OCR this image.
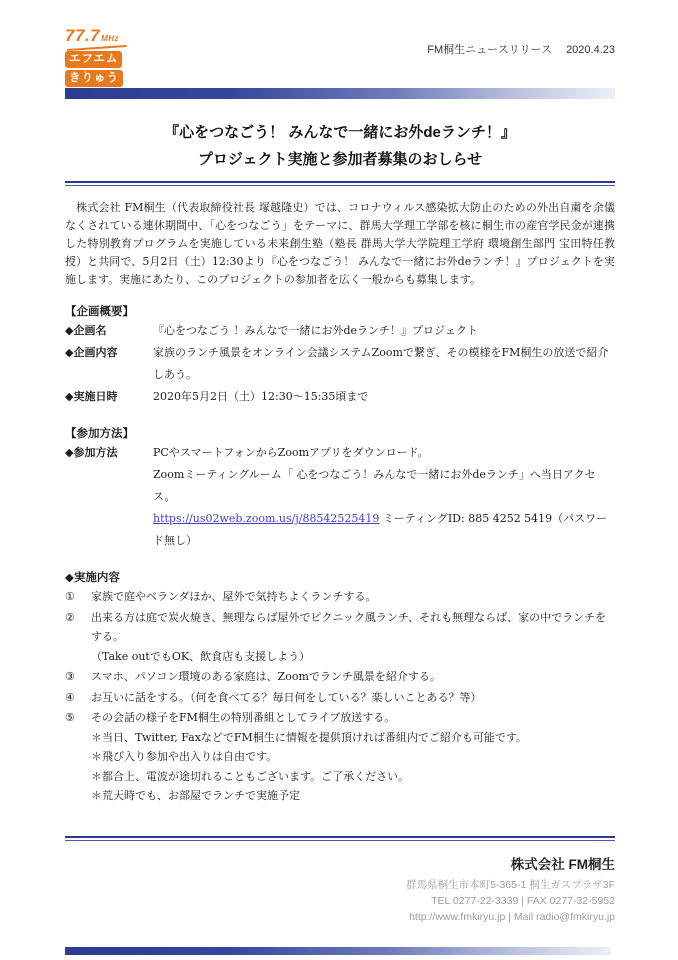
77.7MHz
エフエム
きりゅう
FM桐生ニュースリリース 2020.4.23
『心をつなごう！ みんなで一緒にお外deランチ！』
プロジェクト実施と参加者募集のおしらせ

　株式会社 FM桐生（代表取締役社長 塚越隆史）では、コロナウィルス感染拡大防止のための外出自粛を余儀なくされている連休期間中、「心をつなごう」をテーマに、群馬大学理工学部を核に桐生市の産官学民金が連携した特別教育プログラムを実施している未来創生塾（塾長 群馬大学大学院理工学府 環境創生部門 宝田特任教授）と共同で、5月2日（土）12:30より『心をつなごう！ みんなで一緒にお外deランチ！』プロジェクトを実施します。実施にあたり、このプロジェクトの参加者を広く一般からも募集します。

【企画概要】
◆企画名	『心をつなごう ！みんなで一緒にお外deランチ！』プロジェクト
◆企画内容	家族のランチ風景をオンライン会議システムZoomで繋ぎ、その模様をFM桐生の放送で紹介しあう。
◆実施日時	2020年5月2日（土）12:30～15:35頃まで
【参加方法】
◆参加方法	PCやスマートフォンからZoomアプリをダウンロード。
Zoomミーティングルーム「 心をつなごう！みんなで一緒にお外deランチ」へ当日アクセス。
https://us02web.zoom.us/j/88542525419 ミーティングID: 885 4252 5419（パスワード無し）
◆実施内容
①	家族で庭やベランダほか、屋外で気持ちよくランチする。
②	出来る方は庭で炭火焼き、無理ならば屋外でピクニック風ランチ、それも無理ならば、家の中でランチをする。
（Take outでもOK、飲食店も支援しよう）
③	スマホ、パソコン環境のある家庭は、Zoomでランチ風景を紹介する。
④	お互いに話をする。（何を食べてる？毎日何をしている？楽しいことある？等）
⑤	その会話の様子をFM桐生の特別番組としてライブ放送する。
＊当日、Twitter, FaxなどでFM桐生に情報を提供頂ければ番組内でご紹介も可能です。
＊飛び入り参加や出入りは自由です。
＊都合上、電波が途切れることもございます。ご了承ください。
＊荒天時でも、お部屋でランチで実施予定
株式会社 FM桐生
群馬県桐生市本町5-365-1 桐生ガスプラザ3F
TEL 0277-22-3339 | FAX 0277-32-5952
http://www.fmkiryu.jp | Mail radio@fmkiryu.jp
